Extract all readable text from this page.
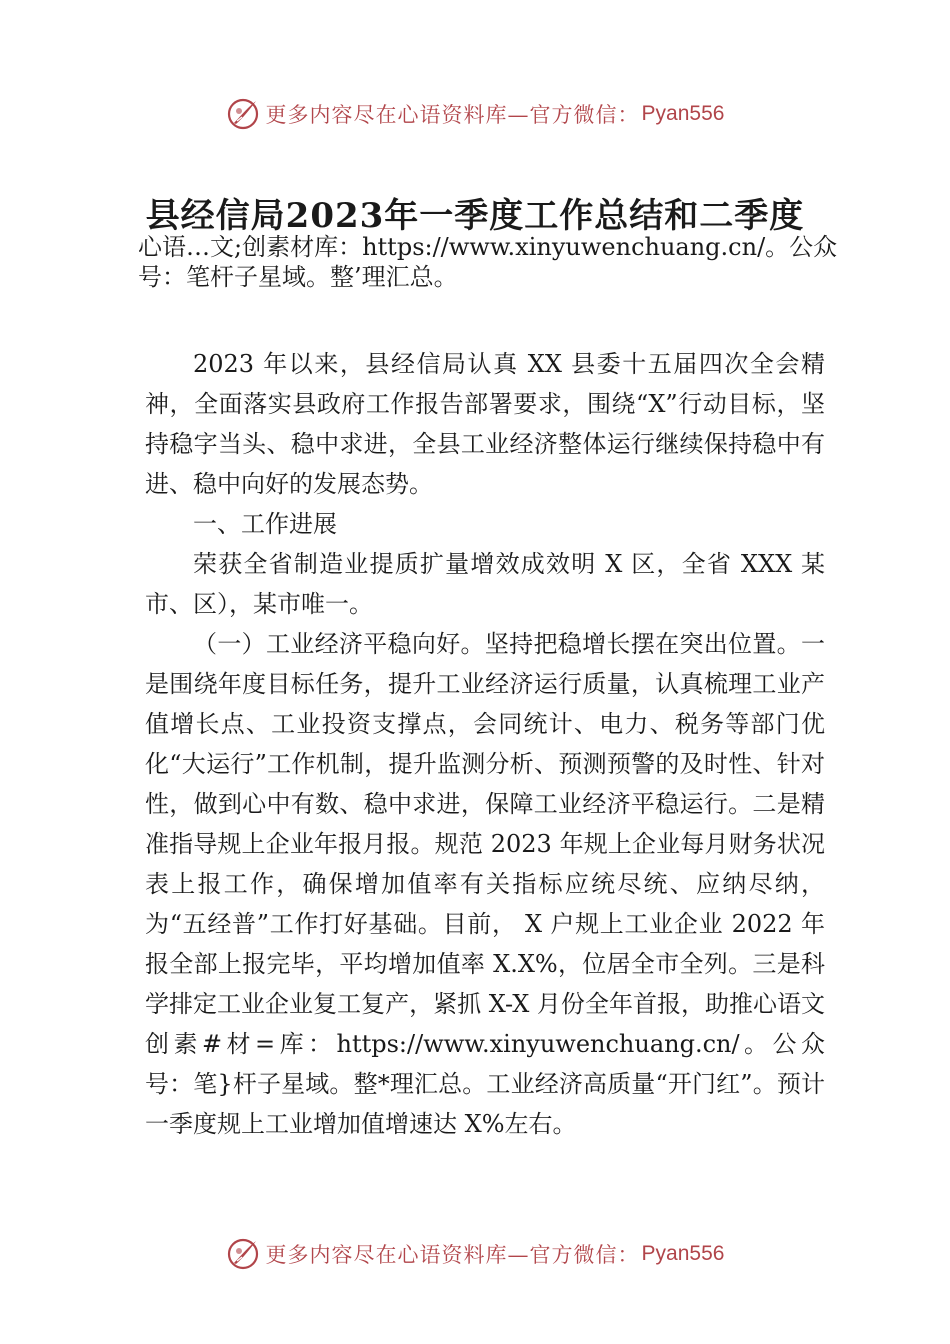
更多内容尽在心语资料库—官方微信： Pyan556
县经信局2023年一季度工作总结和二季度
心语…文;创素材库：https://www.xinyuwenchuang.cn/。公众号：笔杆子星域。整’理汇总。

2023 年以来，县经信局认真 XX 县委十五届四次全会精神，全面落实县政府工作报告部署要求，围绕“X”行动目标，坚持稳字当头、稳中求进，全县工业经济整体运行继续保持稳中有进、稳中向好的发展态势。

一、工作进展

荣获全省制造业提质扩量增效成效明 X 区，全省 XXX 某市、区），某市唯一。

（一）工业经济平稳向好。坚持把稳增长摆在突出位置。一是围绕年度目标任务，提升工业经济运行质量，认真梳理工业产值增长点、工业投资支撑点，会同统计、电力、税务等部门优化“大运行”工作机制，提升监测分析、预测预警的及时性、针对性，做到心中有数、稳中求进，保障工业经济平稳运行。二是精准指导规上企业年报月报。规范 2023 年规上企业每月财务状况表上报工作，确保增加值率有关指标应统尽统、应纳尽纳，为“五经普”工作打好基础。目前， X 户规上工业企业 2022 年报全部上报完毕，平均增加值率 X.X%，位居全市全列。三是科学排定工业企业复工复产，紧抓 X-X 月份全年首报，助推心语文创素#材=库：https://www.xinyuwenchuang.cn/。公众号：笔}杆子星域。整*理汇总。工业经济高质量“开门红”。预计一季度规上工业增加值增速达 X%左右。

更多内容尽在心语资料库—官方微信： Pyan556
